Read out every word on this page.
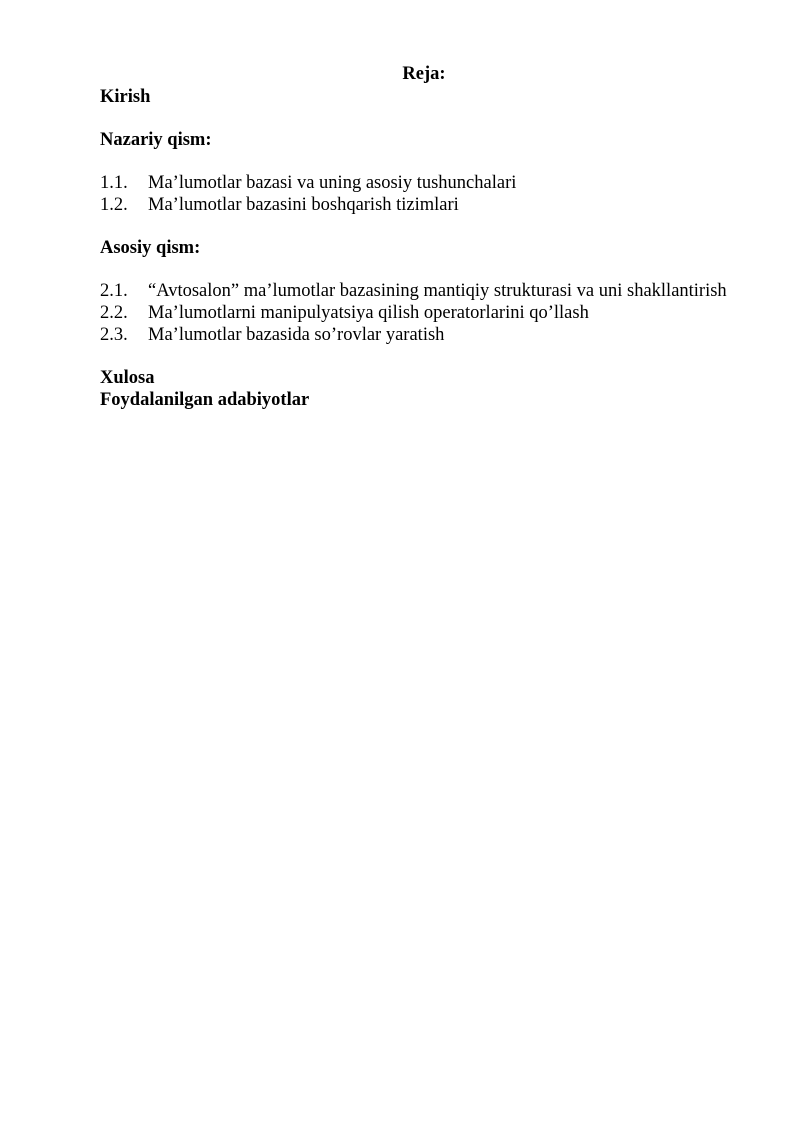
Reja:
Kirish
Nazariy qism:
1.1. Ma’lumotlar bazasi va uning asosiy tushunchalari
1.2. Ma’lumotlar bazasini boshqarish tizimlari
Asosiy qism:
2.1. “Avtosalon” ma’lumotlar bazasining mantiqiy strukturasi va uni shakllantirish
2.2. Ma’lumotlarni manipulyatsiya qilish operatorlarini qo’llash
2.3. Ma’lumotlar bazasida so’rovlar yaratish
Xulosa
Foydalanilgan adabiyotlar
